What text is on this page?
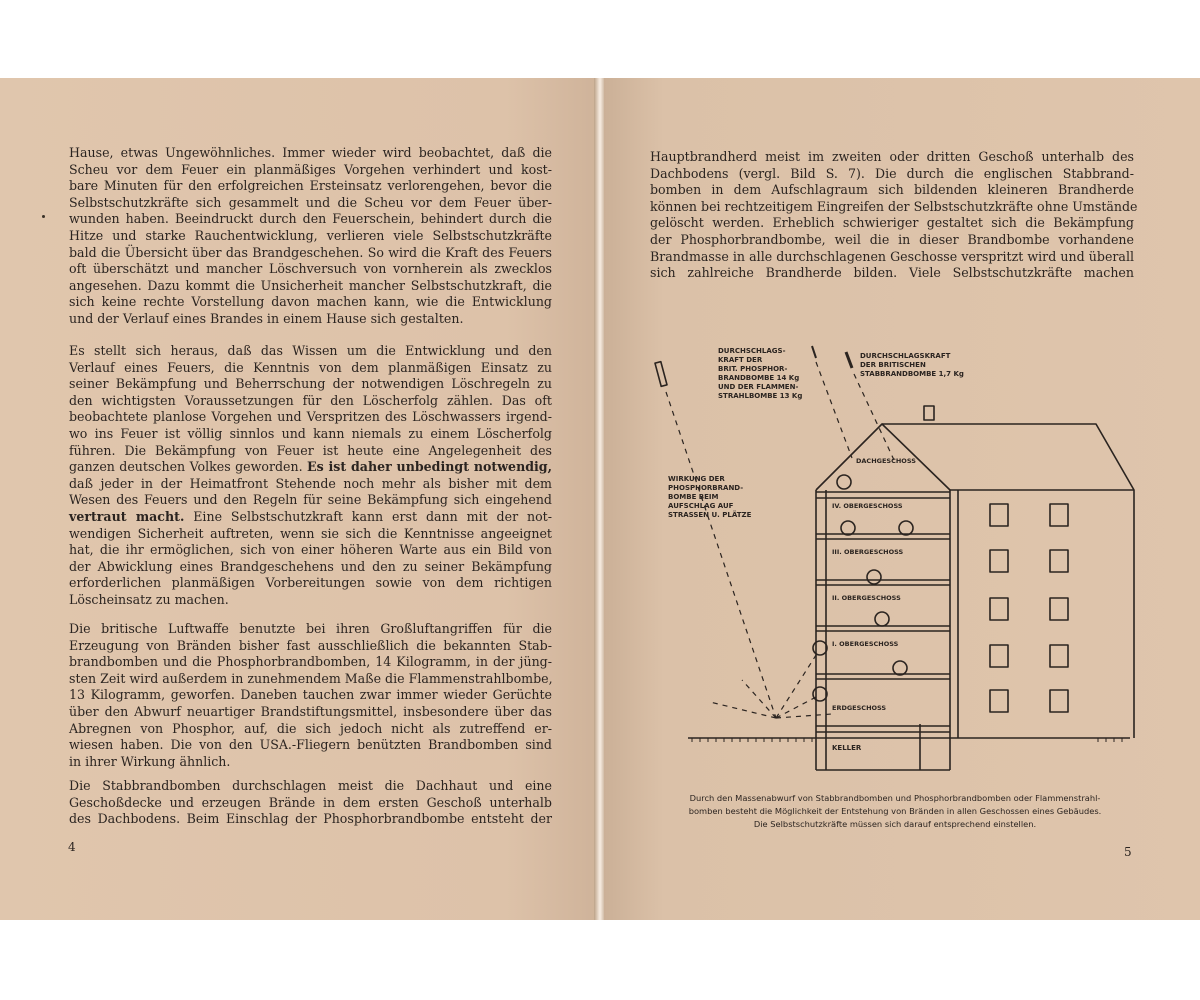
Hause, etwas Ungewöhnliches. Immer wieder wird beobachtet, daß die
Scheu vor dem Feuer ein planmäßiges Vorgehen verhindert und kost-
bare Minuten für den erfolgreichen Ersteinsatz verlorengehen, bevor die
Selbstschutzkräfte sich gesammelt und die Scheu vor dem Feuer über-
wunden haben. Beeindruckt durch den Feuerschein, behindert durch die
Hitze und starke Rauchentwicklung, verlieren viele Selbstschutzkräfte
bald die Übersicht über das Brandgeschehen. So wird die Kraft des Feuers
oft überschätzt und mancher Löschversuch von vornherein als zwecklos
angesehen. Dazu kommt die Unsicherheit mancher Selbstschutzkraft, die
sich keine rechte Vorstellung davon machen kann, wie die Entwicklung
und der Verlauf eines Brandes in einem Hause sich gestalten.
Es stellt sich heraus, daß das Wissen um die Entwicklung und den
Verlauf eines Feuers, die Kenntnis von dem planmäßigen Einsatz zu
seiner Bekämpfung und Beherrschung der notwendigen Löschregeln zu
den wichtigsten Voraussetzungen für den Löscherfolg zählen. Das oft
beobachtete planlose Vorgehen und Verspritzen des Löschwassers irgend-
wo ins Feuer ist völlig sinnlos und kann niemals zu einem Löscherfolg
führen. Die Bekämpfung von Feuer ist heute eine Angelegenheit des
ganzen deutschen Volkes geworden. Es ist daher unbedingt notwendig,
daß jeder in der Heimatfront Stehende noch mehr als bisher mit dem
Wesen des Feuers und den Regeln für seine Bekämpfung sich eingehend
vertraut macht. Eine Selbstschutzkraft kann erst dann mit der not-
wendigen Sicherheit auftreten, wenn sie sich die Kenntnisse angeeignet
hat, die ihr ermöglichen, sich von einer höheren Warte aus ein Bild von
der Abwicklung eines Brandgeschehens und den zu seiner Bekämpfung
erforderlichen planmäßigen Vorbereitungen sowie von dem richtigen
Löscheinsatz zu machen.
Die britische Luftwaffe benutzte bei ihren Großluftangriffen für die
Erzeugung von Bränden bisher fast ausschließlich die bekannten Stab-
brandbomben und die Phosphorbrandbomben, 14 Kilogramm, in der jüng-
sten Zeit wird außerdem in zunehmendem Maße die Flammenstrahlbombe,
13 Kilogramm, geworfen. Daneben tauchen zwar immer wieder Gerüchte
über den Abwurf neuartiger Brandstiftungsmittel, insbesondere über das
Abregnen von Phosphor, auf, die sich jedoch nicht als zutreffend er-
wiesen haben. Die von den USA.-Fliegern benützten Brandbomben sind
in ihrer Wirkung ähnlich.
Die Stabbrandbomben durchschlagen meist die Dachhaut und eine
Geschoßdecke und erzeugen Brände in dem ersten Geschoß unterhalb
des Dachbodens. Beim Einschlag der Phosphorbrandbombe entsteht der
4
Hauptbrandherd meist im zweiten oder dritten Geschoß unterhalb des
Dachbodens (vergl. Bild S. 7). Die durch die englischen Stabbrand-
bomben in dem Aufschlagraum sich bildenden kleineren Brandherde
können bei rechtzeitigem Eingreifen der Selbstschutzkräfte ohne Umstände
gelöscht werden. Erheblich schwieriger gestaltet sich die Bekämpfung
der Phosphorbrandbombe, weil die in dieser Brandbombe vorhandene
Brandmasse in alle durchschlagenen Geschosse verspritzt wird und überall
sich zahlreiche Brandherde bilden. Viele Selbstschutzkräfte machen
5
DURCHSCHLAGS-KRAFT DER BRIT. PHOSPHOR-BRANDBOMBE 14 Kg UND DER FLAMMEN-STRAHLBOMBE 13 Kg
DURCHSCHLAGSKRAFT DER BRITISCHEN STABBRANDBOMBE 1,7 Kg
WIRKUNG DER PHOSPHORBRAND-BOMBE BEIM AUFSCHLAG AUF STRASSEN U. PLÄTZE
DACHGESCHOSS
IV. OBERGESCHOSS
III. OBERGESCHOSS
II. OBERGESCHOSS
I. OBERGESCHOSS
ERDGESCHOSS
KELLER
Durch den Massenabwurf von Stabbrandbomben und Phosphorbrandbomben oder Flammenstrahl-
bomben besteht die Möglichkeit der Entstehung von Bränden in allen Geschossen eines Gebäudes.
Die Selbstschutzkräfte müssen sich darauf entsprechend einstellen.
